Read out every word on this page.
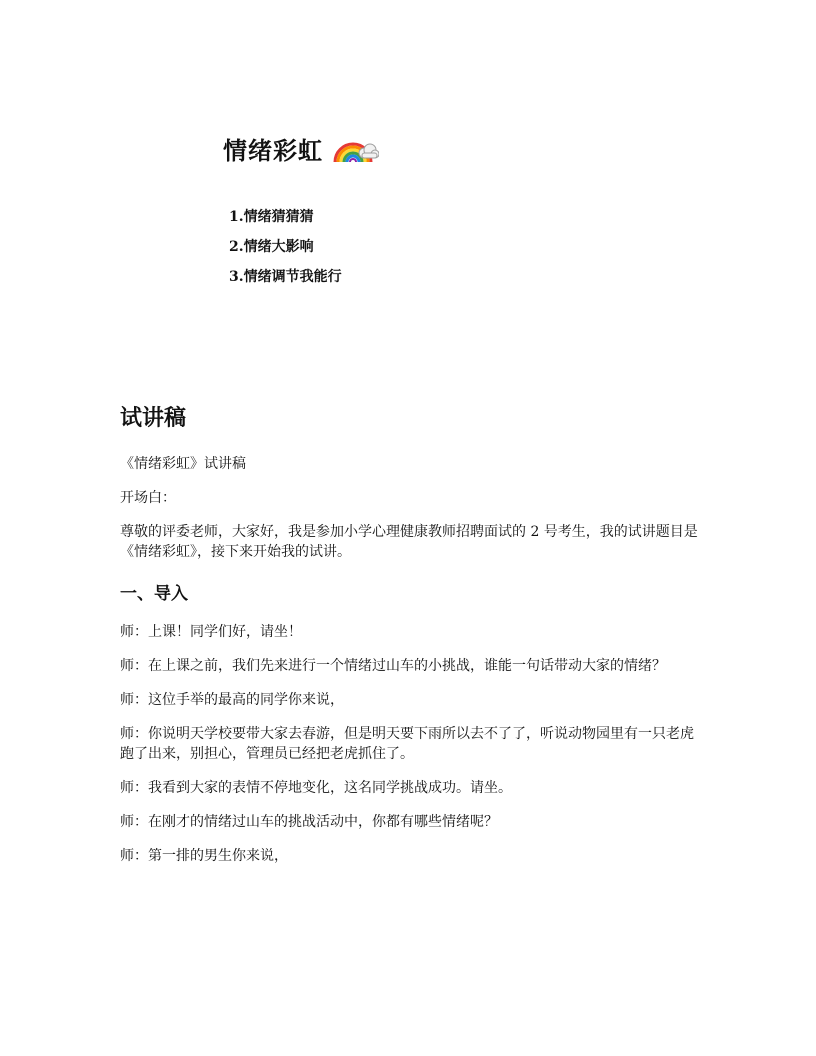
情绪彩虹
1.情绪猜猜猜
2.情绪大影响
3.情绪调节我能行
试讲稿

《情绪彩虹》试讲稿

开场白：

尊敬的评委老师，大家好，我是参加小学心理健康教师招聘面试的 2 号考生，我的试讲题目是《情绪彩虹》，接下来开始我的试讲。

一、导入

师：上课！同学们好，请坐！

师：在上课之前，我们先来进行一个情绪过山车的小挑战，谁能一句话带动大家的情绪？

师：这位手举的最高的同学你来说，

师：你说明天学校要带大家去春游，但是明天要下雨所以去不了了，听说动物园里有一只老虎跑了出来，别担心，管理员已经把老虎抓住了。

师：我看到大家的表情不停地变化，这名同学挑战成功。请坐。

师：在刚才的情绪过山车的挑战活动中，你都有哪些情绪呢？

师：第一排的男生你来说，
